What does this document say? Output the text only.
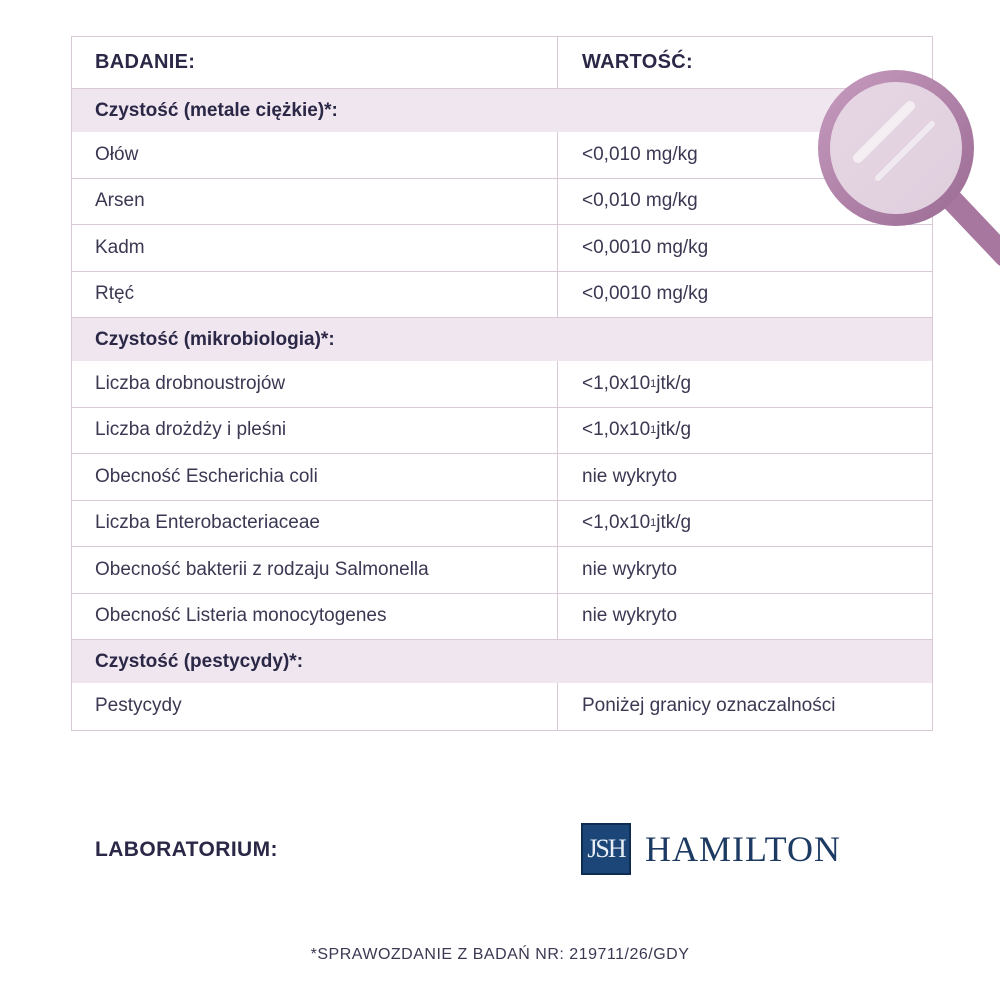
BADANIE:	WARTOŚĆ:
Czystość (metale ciężkie)*:
Ołów	<0,010 mg/kg
Arsen	<0,010 mg/kg
Kadm	<0,0010 mg/kg
Rtęć	<0,0010 mg/kg
Czystość (mikrobiologia)*:
Liczba drobnoustrojów	<1,0x10 1 jtk/g
Liczba drożdży i pleśni	<1,0x10 1 jtk/g
Obecność Escherichia coli	nie wykryto
Liczba Enterobacteriaceae	<1,0x10 1 jtk/g
Obecność bakterii z rodzaju Salmonella	nie wykryto
Obecność Listeria monocytogenes	nie wykryto
Czystość (pestycydy)*:
Pestycydy	Poniżej granicy oznaczalności
LABORATORIUM:	JSH HAMILTON
*SPRAWOZDANIE Z BADAŃ NR: 219711/26/GDY
